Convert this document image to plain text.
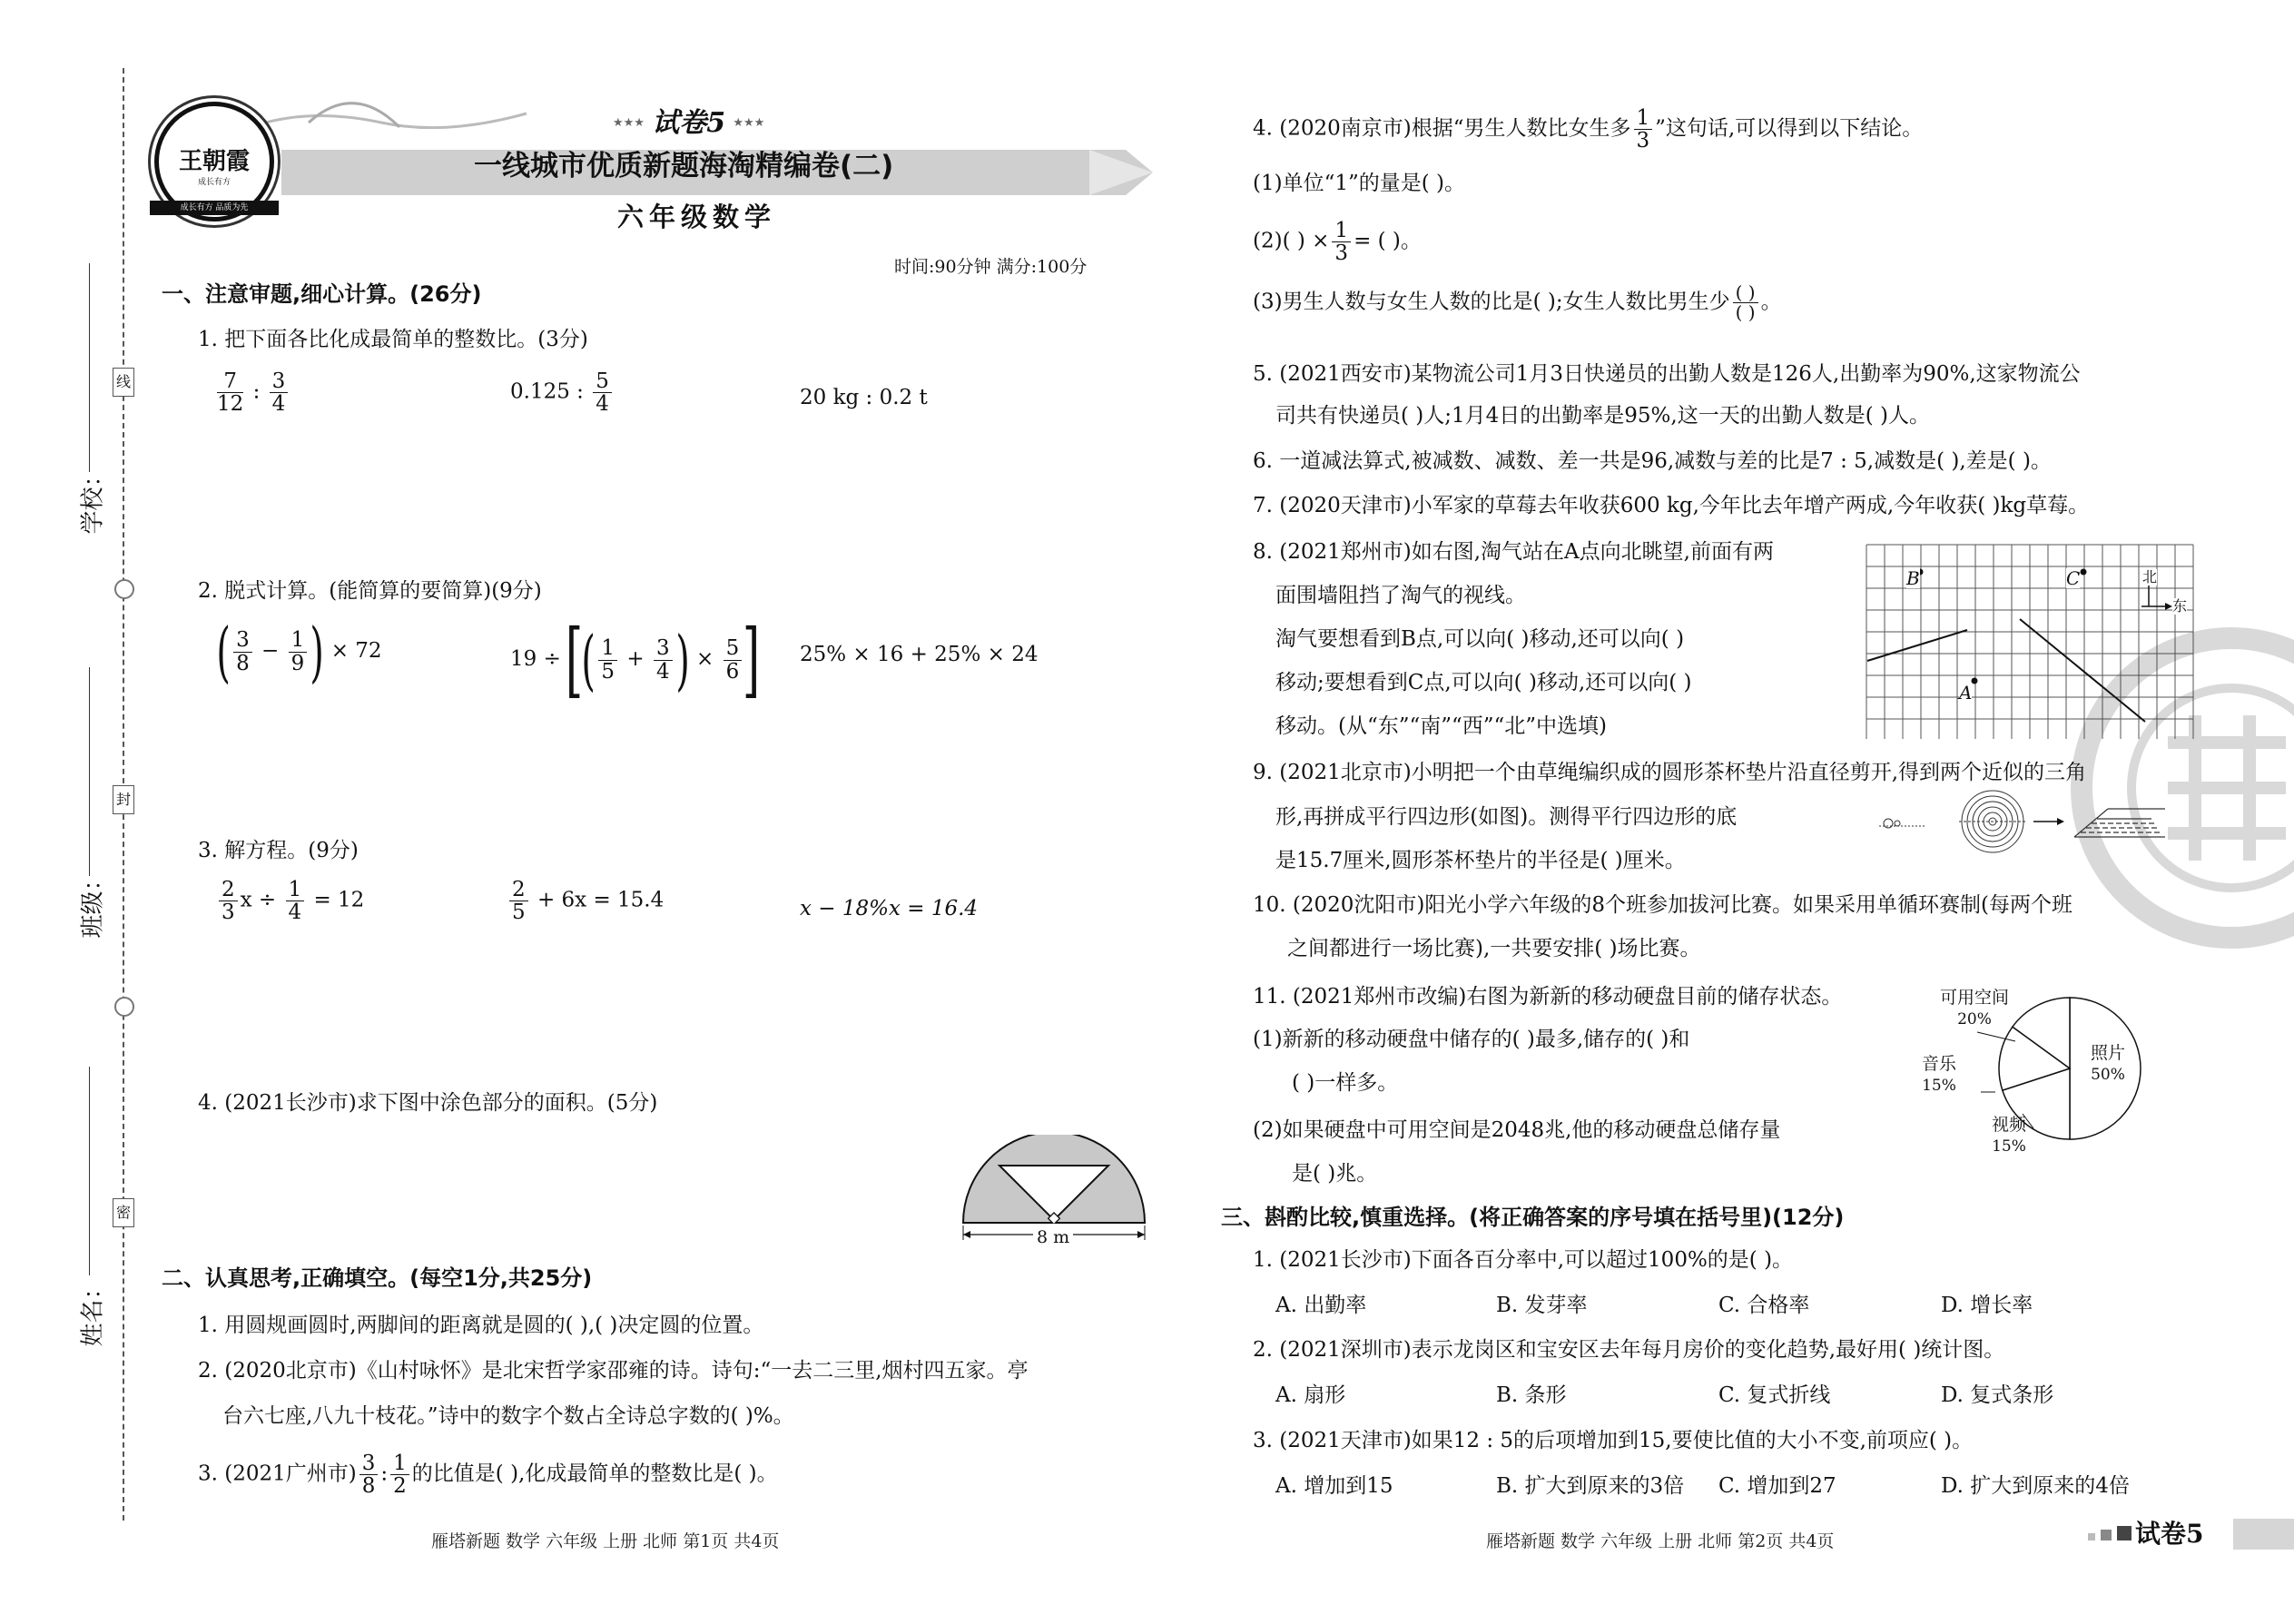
线
封
密
学校：
班级：
姓名：
王朝霞
成长有方
成长有方 品质为先
★★★ 试卷5 ★★★
一线城市优质新题海淘精编卷(二)
六年级数学
时间:90分钟 满分:100分
一、注意审题,细心计算。(26分)
1. 把下面各比化成最简单的整数比。(3分)
$\frac{7}{12}$ : $\frac{3}{4}$	0.125 : $\frac{5}{4}$	20 kg : 0.2 t
2. 脱式计算。(能简算的要简算)(9分)
( $\frac{3}{8} - \frac{1}{9}$ ) × 72	19 ÷ [( $\frac{1}{5} + \frac{3}{4}$ ) × $\frac{5}{6}$ ] 25% × 16 + 25% × 24
3. 解方程。(9分)
$\frac{2}{3}$ $x \div \frac{1}{4} = 12$	$\frac{2}{5} + 6x = 15.4$	x − 18%x = 16.4
4. (2021长沙市)求下图中涂色部分的面积。(5分)
8 m
二、认真思考,正确填空。(每空1分,共25分)
1. 用圆规画圆时,两脚间的距离就是圆的( ),( )决定圆的位置。
2. (2020北京市)《山村咏怀》是北宋哲学家邵雍的诗。诗句:“一去二三里,烟村四五家。亭
台六七座,八九十枝花。”诗中的数字个数占全诗总字数的( )%。
3. (2021广州市) $\frac{3}{8}$ : $\frac{1}{2}$ 的比值是( ),化成最简单的整数比是( )。
雁塔新题 数学 六年级 上册 北师 第1页 共4页
4. (2020南京市)根据“男生人数比女生多 $\frac{1}{3}$ ”这句话,可以得到以下结论。
(1)单位“1”的量是( )。
(2)( ) × $\frac{1}{3}$ = ( )。
(3)男生人数与女生人数的比是( );女生人数比男生少 $\frac{( )}{( )}$ 。
5. (2021西安市)某物流公司1月3日快递员的出勤人数是126人,出勤率为90%,这家物流公
司共有快递员( )人;1月4日的出勤率是95%,这一天的出勤人数是( )人。
6. 一道减法算式,被减数、减数、差一共是96,减数与差的比是7 : 5,减数是( ),差是( )。
7. (2020天津市)小军家的草莓去年收获600 kg,今年比去年增产两成,今年收获( )kg草莓。
8. (2021郑州市)如右图,淘气站在A点向北眺望,前面有两
面围墙阻挡了淘气的视线。
淘气要想看到B点,可以向( )移动,还可以向( )
移动;要想看到C点,可以向( )移动,还可以向( )
移动。(从“东”“南”“西”“北”中选填)
B	C
A
北
东
9. (2021北京市)小明把一个由草绳编织成的圆形茶杯垫片沿直径剪开,得到两个近似的三角
形,再拼成平行四边形(如图)。测得平行四边形的底
是15.7厘米,圆形茶杯垫片的半径是( )厘米。
10. (2020沈阳市)阳光小学六年级的8个班参加拔河比赛。如果采用单循环赛制(每两个班
之间都进行一场比赛),一共要安排( )场比赛。
11. (2021郑州市改编)右图为新新的移动硬盘目前的储存状态。
(1)新新的移动硬盘中储存的( )最多,储存的( )和
( )一样多。
(2)如果硬盘中可用空间是2048兆,他的移动硬盘总储存量
是( )兆。
可用空间
20%
照片
50%
音乐
15%
视频
15%
三、斟酌比较,慎重选择。(将正确答案的序号填在括号里)(12分)
1. (2021长沙市)下面各百分率中,可以超过100%的是( )。
A. 出勤率	B. 发芽率	C. 合格率	D. 增长率
2. (2021深圳市)表示龙岗区和宝安区去年每月房价的变化趋势,最好用( )统计图。
A. 扇形	B. 条形	C. 复式折线	D. 复式条形
3. (2021天津市)如果12 : 5的后项增加到15,要使比值的大小不变,前项应( )。
A. 增加到15	B. 扩大到原来的3倍 C. 增加到27	D. 扩大到原来的4倍
雁塔新题 数学 六年级 上册 北师 第2页 共4页	试卷5
